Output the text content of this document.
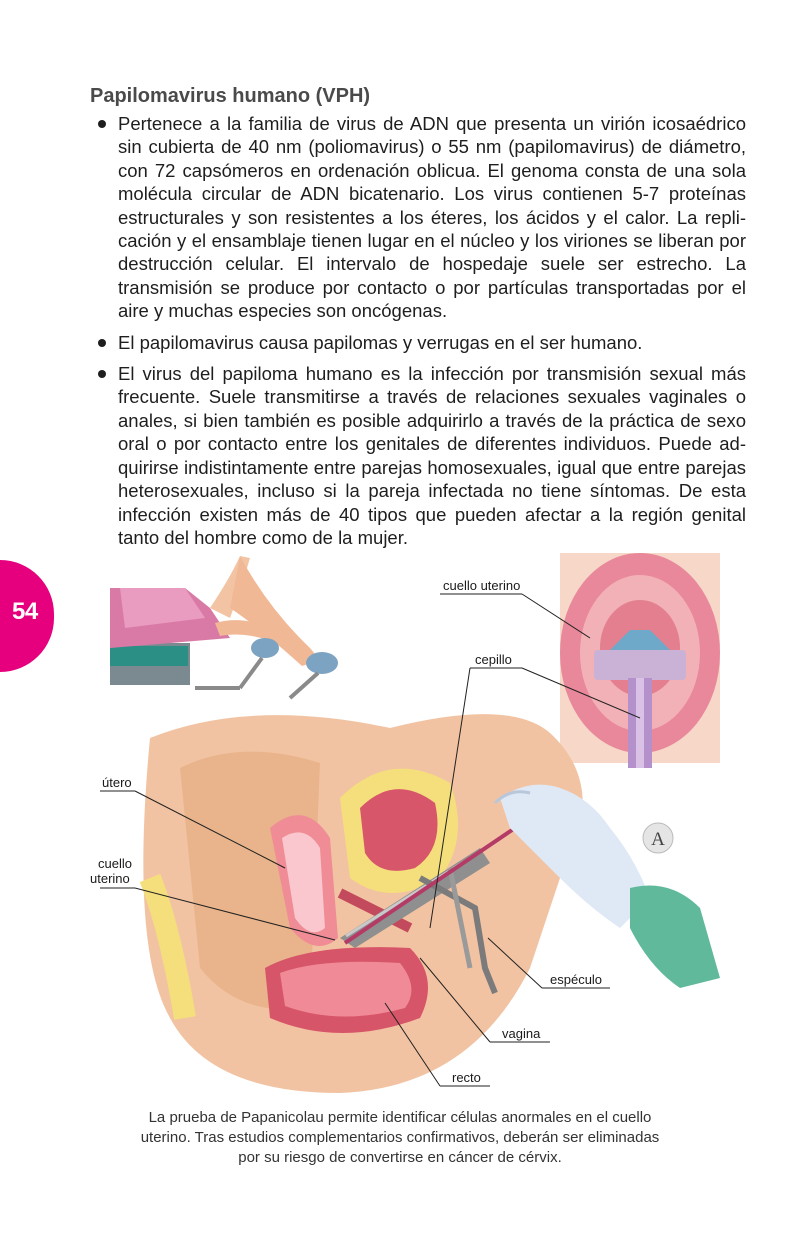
54
Papilomavirus humano (VPH)
Pertenece a la familia de virus de ADN que presenta un virión icosaédrico sin cubierta de 40 nm (poliomavirus) o 55 nm (papilomavirus) de diámetro, con 72 capsómeros en ordenación oblicua. El genoma consta de una sola molécula circular de ADN bicatenario. Los virus contienen 5-7 proteínas estructurales y son resistentes a los éteres, los ácidos y el calor. La replicación y el ensamblaje tienen lugar en el núcleo y los viriones se liberan por destrucción celular. El intervalo de hospedaje suele ser estrecho. La transmisión se produce por contacto o por partículas transportadas por el aire y muchas especies son oncógenas.
El papilomavirus causa papilomas y verrugas en el ser humano.
El virus del papiloma humano es la infección por transmisión sexual más frecuente. Suele transmitirse a través de relaciones sexuales vaginales o anales, si bien también es posible adquirirlo a través de la práctica de sexo oral o por contacto entre los genitales de diferentes individuos. Puede adquirirse indistintamente entre parejas homosexuales, igual que entre parejas heterosexuales, incluso si la pareja infectada no tiene síntomas. De esta infección existen más de 40 tipos que pueden afectar a la región genital tanto del hombre como de la mujer.
A
cuello uterino
cepillo
útero
cuello
uterino
espéculo
vagina
recto
La prueba de Papanicolau permite identificar células anormales en el cuello uterino. Tras estudios complementarios confirmativos, deberán ser eliminadas por su riesgo de convertirse en cáncer de cérvix.
